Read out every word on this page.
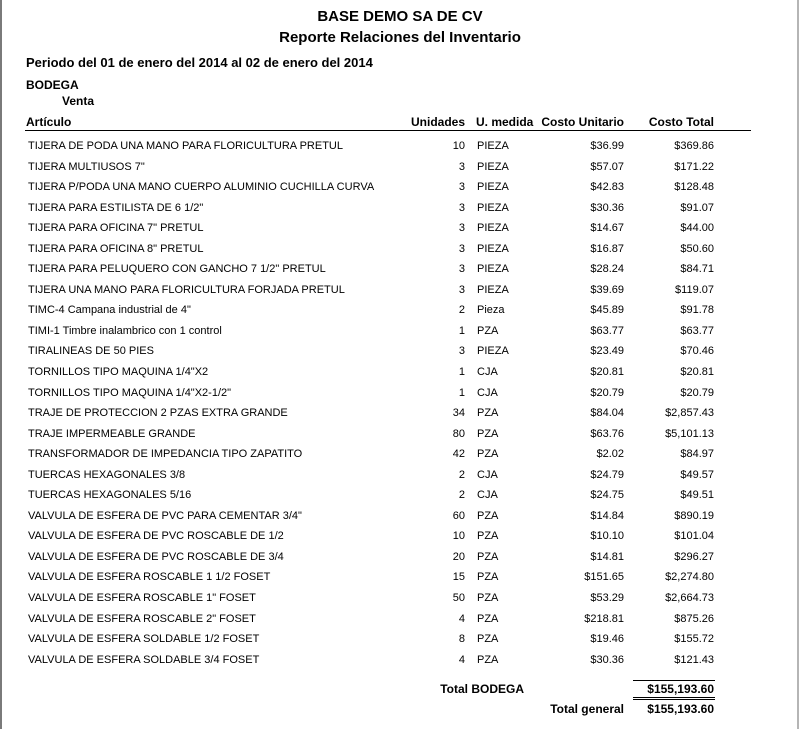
BASE DEMO SA DE CV
Reporte Relaciones del Inventario
Periodo del 01 de enero del 2014 al 02 de enero del 2014
BODEGA
Venta
Artículo	Unidades U. medida Costo Unitario	Costo Total
TIJERA DE PODA UNA MANO PARA FLORICULTURA PRETUL	10 PIEZA	$36.99	$369.86
TIJERA MULTIUSOS 7"	3 PIEZA	$57.07	$171.22
TIJERA P/PODA UNA MANO CUERPO ALUMINIO CUCHILLA CURVA	3 PIEZA	$42.83	$128.48
TIJERA PARA ESTILISTA DE 6 1/2"	3 PIEZA	$30.36	$91.07
TIJERA PARA OFICINA 7" PRETUL	3 PIEZA	$14.67	$44.00
TIJERA PARA OFICINA 8" PRETUL	3 PIEZA	$16.87	$50.60
TIJERA PARA PELUQUERO CON GANCHO 7 1/2" PRETUL	3 PIEZA	$28.24	$84.71
TIJERA UNA MANO PARA FLORICULTURA FORJADA PRETUL	3 PIEZA	$39.69	$119.07
TIMC-4 Campana industrial de 4"	2 Pieza	$45.89	$91.78
TIMI-1 Timbre inalambrico con 1 control	1 PZA	$63.77	$63.77
TIRALINEAS DE 50 PIES	3 PIEZA	$23.49	$70.46
TORNILLOS TIPO MAQUINA 1/4"X2	1 CJA	$20.81	$20.81
TORNILLOS TIPO MAQUINA 1/4"X2-1/2"	1 CJA	$20.79	$20.79
TRAJE DE PROTECCION 2 PZAS EXTRA GRANDE	34 PZA	$84.04	$2,857.43
TRAJE IMPERMEABLE GRANDE	80 PZA	$63.76	$5,101.13
TRANSFORMADOR DE IMPEDANCIA TIPO ZAPATITO	42 PZA	$2.02	$84.97
TUERCAS HEXAGONALES 3/8	2 CJA	$24.79	$49.57
TUERCAS HEXAGONALES 5/16	2 CJA	$24.75	$49.51
VALVULA DE ESFERA DE PVC PARA CEMENTAR 3/4"	60 PZA	$14.84	$890.19
VALVULA DE ESFERA DE PVC ROSCABLE DE 1/2	10 PZA	$10.10	$101.04
VALVULA DE ESFERA DE PVC ROSCABLE DE 3/4	20 PZA	$14.81	$296.27
VALVULA DE ESFERA ROSCABLE 1 1/2 FOSET	15 PZA	$151.65	$2,274.80
VALVULA DE ESFERA ROSCABLE 1" FOSET	50 PZA	$53.29	$2,664.73
VALVULA DE ESFERA ROSCABLE 2" FOSET	4 PZA	$218.81	$875.26
VALVULA DE ESFERA SOLDABLE 1/2 FOSET	8 PZA	$19.46	$155.72
VALVULA DE ESFERA SOLDABLE 3/4 FOSET	4 PZA	$30.36	$121.43
Total BODEGA	$155,193.60
Total general	$155,193.60
